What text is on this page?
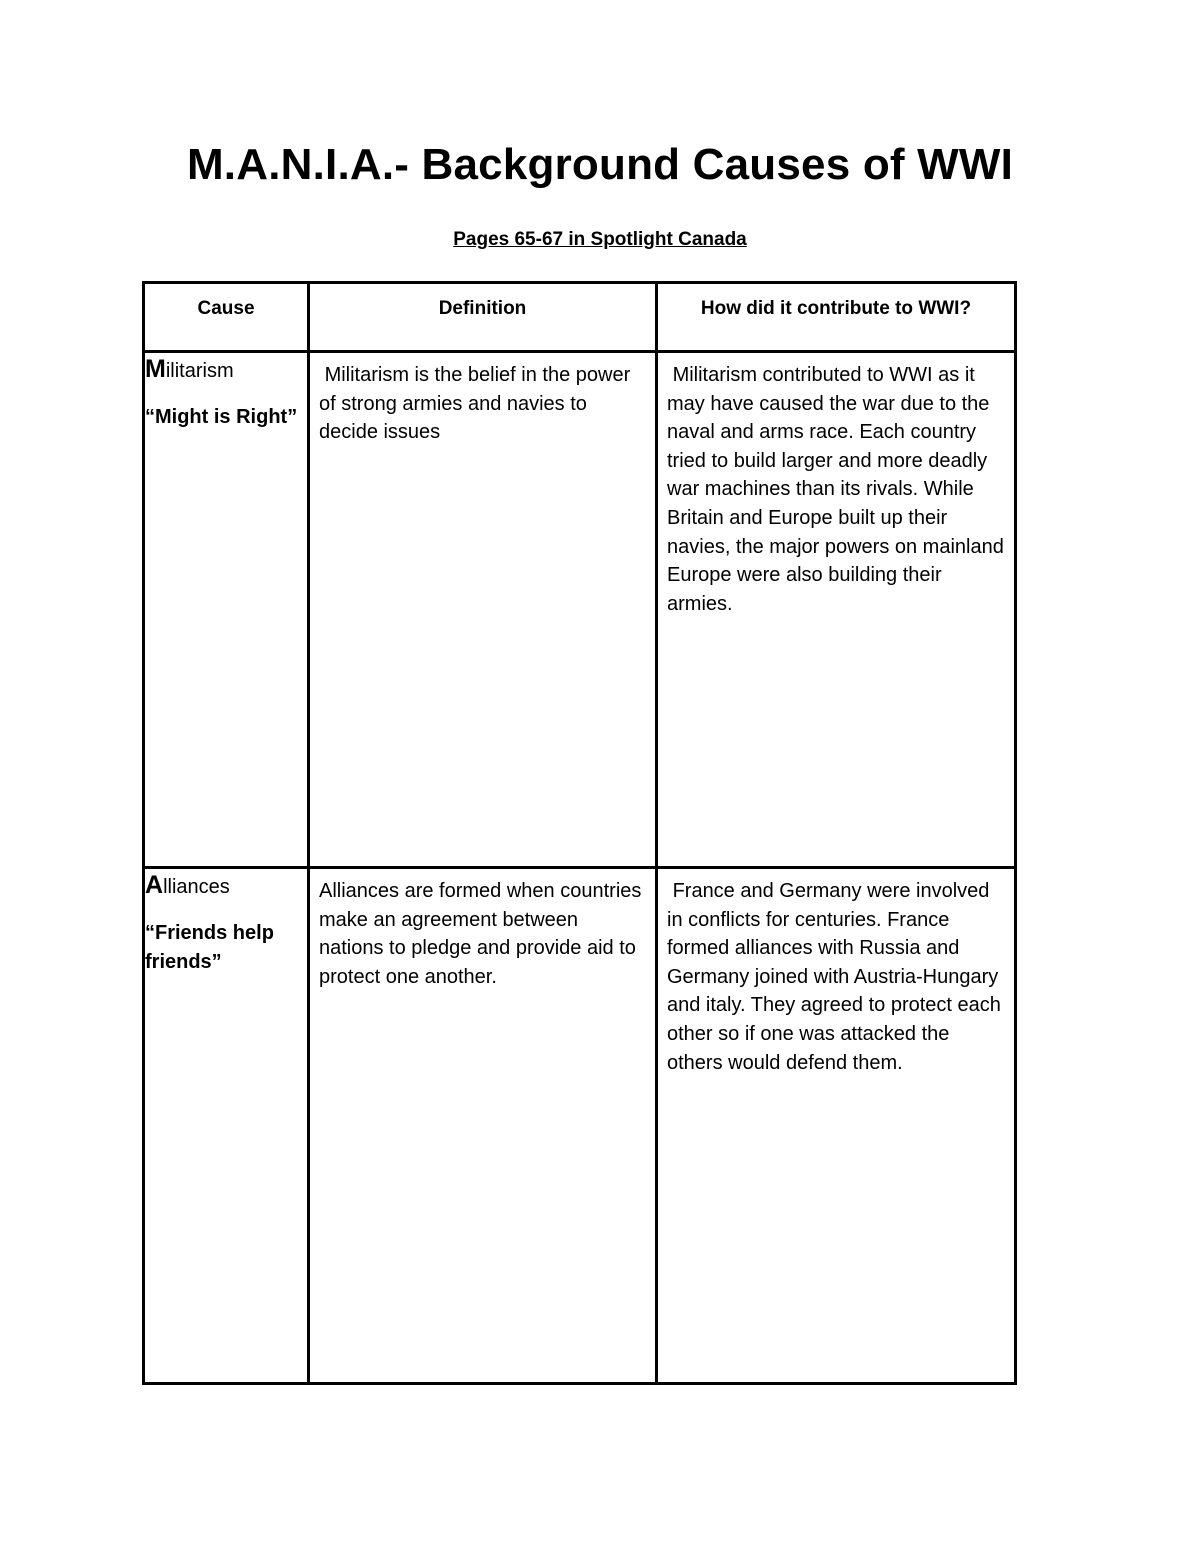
M.A.N.I.A.- Background Causes of WWI

Pages 65-67 in Spotlight Canada

Cause	Definition	How did it contribute to WWI?

Militarism
“Might is Right”	Militarism is the belief in the power of strong armies and navies to decide issues	Militarism contributed to WWI as it may have caused the war due to the naval and arms race. Each country tried to build larger and more deadly war machines than its rivals. While Britain and Europe built up their navies, the major powers on mainland Europe were also building their armies.

Alliances
“Friends help friends”	Alliances are formed when countries make an agreement between nations to pledge and provide aid to protect one another.	France and Germany were involved in conflicts for centuries. France formed alliances with Russia and Germany joined with Austria-Hungary and italy. They agreed to protect each other so if one was attacked the others would defend them.
